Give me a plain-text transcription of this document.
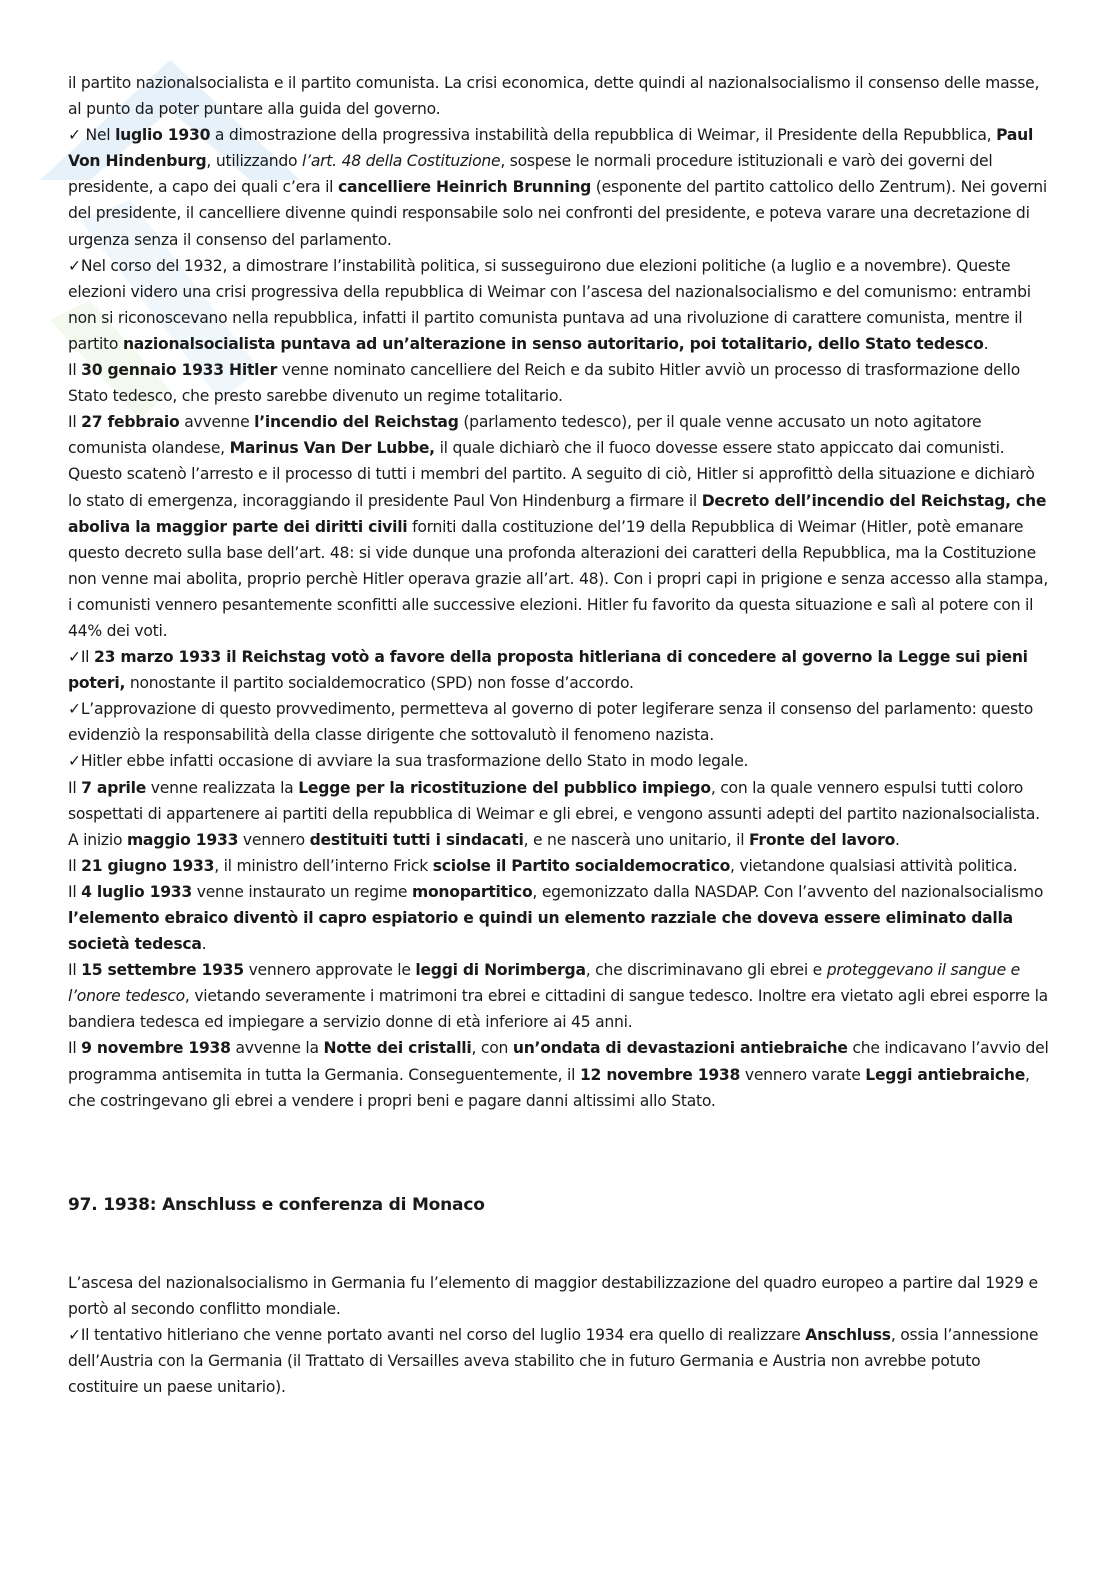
il partito nazionalsocialista e il partito comunista. La crisi economica, dette quindi al nazionalsocialismo il consenso delle masse, al punto da poter puntare alla guida del governo.

✓ Nel luglio 1930 a dimostrazione della progressiva instabilità della repubblica di Weimar, il Presidente della Repubblica, Paul Von Hindenburg, utilizzando l’art. 48 della Costituzione, sospese le normali procedure istituzionali e varò dei governi del presidente, a capo dei quali c’era il cancelliere Heinrich Brunning (esponente del partito cattolico dello Zentrum). Nei governi del presidente, il cancelliere divenne quindi responsabile solo nei confronti del presidente, e poteva varare una decretazione di urgenza senza il consenso del parlamento.

✓Nel corso del 1932, a dimostrare l’instabilità politica, si susseguirono due elezioni politiche (a luglio e a novembre). Queste elezioni videro una crisi progressiva della repubblica di Weimar con l’ascesa del nazionalsocialismo e del comunismo: entrambi non si riconoscevano nella repubblica, infatti il partito comunista puntava ad una rivoluzione di carattere comunista, mentre il partito nazionalsocialista puntava ad un’alterazione in senso autoritario, poi totalitario, dello Stato tedesco.

Il 30 gennaio 1933 Hitler venne nominato cancelliere del Reich e da subito Hitler avviò un processo di trasformazione dello Stato tedesco, che presto sarebbe divenuto un regime totalitario.

Il 27 febbraio avvenne l’incendio del Reichstag (parlamento tedesco), per il quale venne accusato un noto agitatore comunista olandese, Marinus Van Der Lubbe, il quale dichiarò che il fuoco dovesse essere stato appiccato dai comunisti. Questo scatenò l’arresto e il processo di tutti i membri del partito. A seguito di ciò, Hitler si approfittò della situazione e dichiarò lo stato di emergenza, incoraggiando il presidente Paul Von Hindenburg a firmare il Decreto dell’incendio del Reichstag, che aboliva la maggior parte dei diritti civili forniti dalla costituzione del’19 della Repubblica di Weimar (Hitler, potè emanare questo decreto sulla base dell’art. 48: si vide dunque una profonda alterazioni dei caratteri della Repubblica, ma la Costituzione non venne mai abolita, proprio perchè Hitler operava grazie all’art. 48). Con i propri capi in prigione e senza accesso alla stampa, i comunisti vennero pesantemente sconfitti alle successive elezioni. Hitler fu favorito da questa situazione e salì al potere con il 44% dei voti.

✓Il 23 marzo 1933 il Reichstag votò a favore della proposta hitleriana di concedere al governo la Legge sui pieni poteri, nonostante il partito socialdemocratico (SPD) non fosse d’accordo.

✓L’approvazione di questo provvedimento, permetteva al governo di poter legiferare senza il consenso del parlamento: questo evidenziò la responsabilità della classe dirigente che sottovalutò il fenomeno nazista.

✓Hitler ebbe infatti occasione di avviare la sua trasformazione dello Stato in modo legale.

Il 7 aprile venne realizzata la Legge per la ricostituzione del pubblico impiego, con la quale vennero espulsi tutti coloro sospettati di appartenere ai partiti della repubblica di Weimar e gli ebrei, e vengono assunti adepti del partito nazionalsocialista. A inizio maggio 1933 vennero destituiti tutti i sindacati, e ne nascerà uno unitario, il Fronte del lavoro.

Il 21 giugno 1933, il ministro dell’interno Frick sciolse il Partito socialdemocratico, vietandone qualsiasi attività politica.

Il 4 luglio 1933 venne instaurato un regime monopartitico, egemonizzato dalla NASDAP. Con l’avvento del nazionalsocialismo l’elemento ebraico diventò il capro espiatorio e quindi un elemento razziale che doveva essere eliminato dalla società tedesca.

Il 15 settembre 1935 vennero approvate le leggi di Norimberga, che discriminavano gli ebrei e proteggevano il sangue e l’onore tedesco, vietando severamente i matrimoni tra ebrei e cittadini di sangue tedesco. Inoltre era vietato agli ebrei esporre la bandiera tedesca ed impiegare a servizio donne di età inferiore ai 45 anni.

Il 9 novembre 1938 avvenne la Notte dei cristalli, con un’ondata di devastazioni antiebraiche che indicavano l’avvio del programma antisemita in tutta la Germania. Conseguentemente, il 12 novembre 1938 vennero varate Leggi antiebraiche, che costringevano gli ebrei a vendere i propri beni e pagare danni altissimi allo Stato.

97. 1938: Anschluss e conferenza di Monaco

L’ascesa del nazionalsocialismo in Germania fu l’elemento di maggior destabilizzazione del quadro europeo a partire dal 1929 e portò al secondo conflitto mondiale.

✓Il tentativo hitleriano che venne portato avanti nel corso del luglio 1934 era quello di realizzare Anschluss, ossia l’annessione dell’Austria con la Germania (il Trattato di Versailles aveva stabilito che in futuro Germania e Austria non avrebbe potuto costituire un paese unitario).
